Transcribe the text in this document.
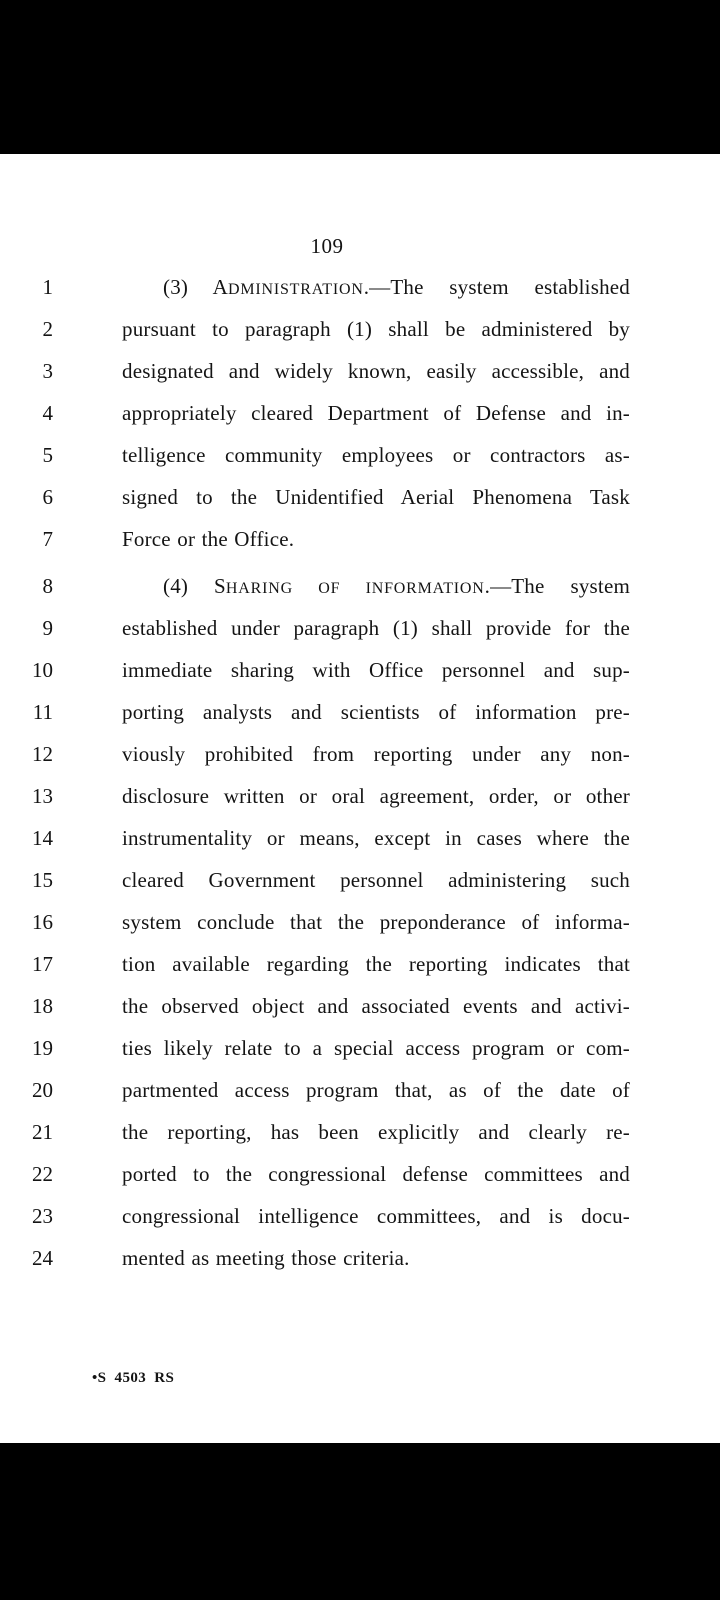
109
1	(3) ADMINISTRATION.—The system established
2	pursuant to paragraph (1) shall be administered by
3	designated and widely known, easily accessible, and
4	appropriately cleared Department of Defense and in-
5	telligence community employees or contractors as-
6	signed to the Unidentified Aerial Phenomena Task
7	Force or the Office.
8	(4) SHARING OF INFORMATION.—The system
9	established under paragraph (1) shall provide for the
10	immediate sharing with Office personnel and sup-
11	porting analysts and scientists of information pre-
12	viously prohibited from reporting under any non-
13	disclosure written or oral agreement, order, or other
14	instrumentality or means, except in cases where the
15	cleared Government personnel administering such
16	system conclude that the preponderance of informa-
17	tion available regarding the reporting indicates that
18	the observed object and associated events and activi-
19	ties likely relate to a special access program or com-
20	partmented access program that, as of the date of
21	the reporting, has been explicitly and clearly re-
22	ported to the congressional defense committees and
23	congressional intelligence committees, and is docu-
24	mented as meeting those criteria.
•S 4503 RS
